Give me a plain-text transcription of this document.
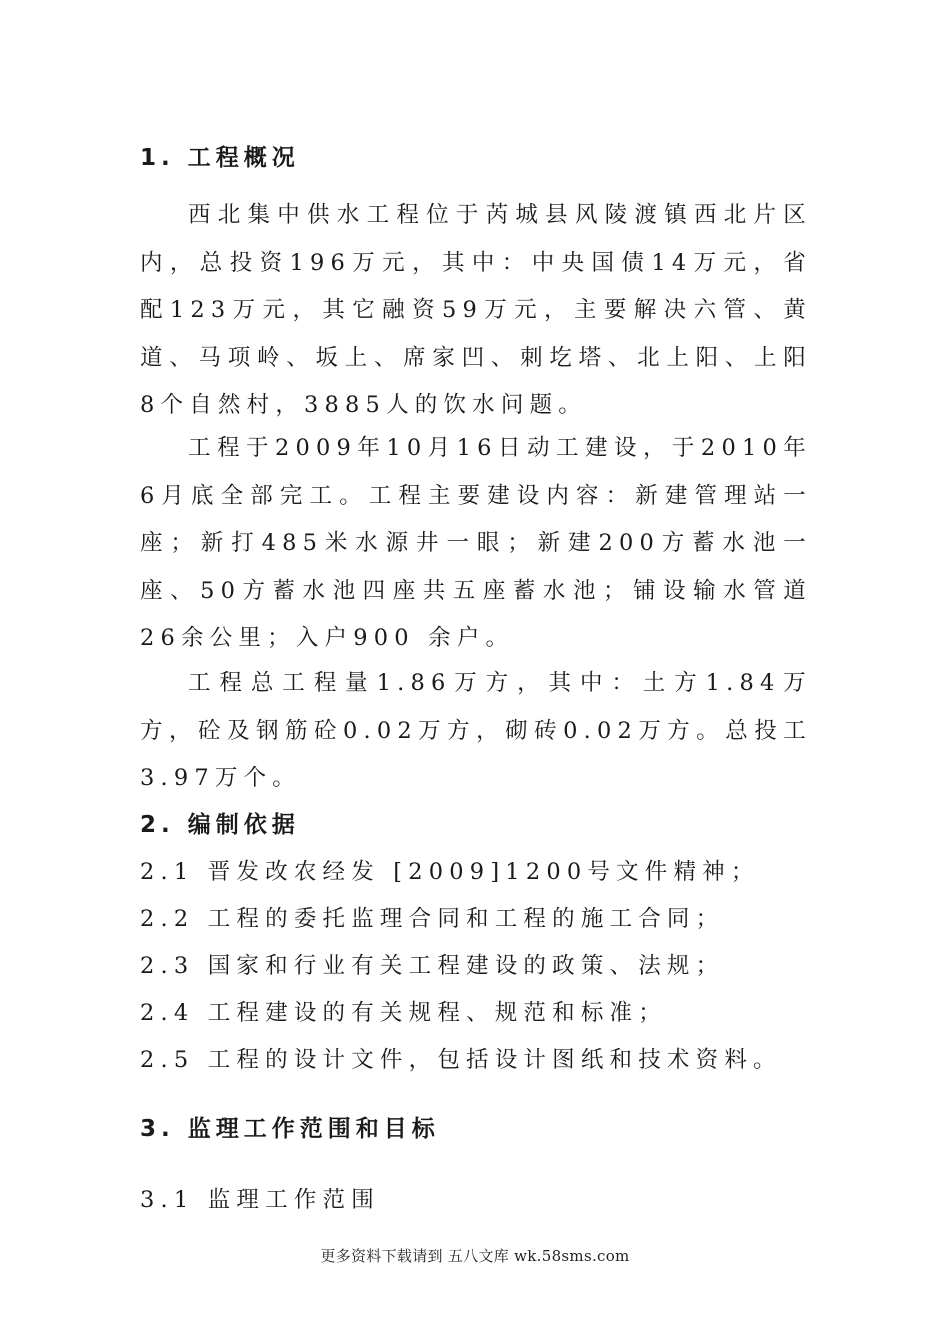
1. 工程概况

西北集中供水工程位于芮城县风陵渡镇西北片区内，总投资196万元，其中：中央国债14万元，省配123万元，其它融资59万元，主要解决六管、黄道、马项岭、坂上、席家凹、刺圪塔、北上阳、上阳8个自然村，3885人的饮水问题。

工程于2009年10月16日动工建设，于2010年6月底全部完工。工程主要建设内容：新建管理站一座；新打485米水源井一眼；新建200方蓄水池一座、50方蓄水池四座共五座蓄水池；铺设输水管道26余公里；入户900 余户。

工程总工程量1.86万方，其中：土方1.84万方，砼及钢筋砼0.02万方，砌砖0.02万方。总投工3.97万个。

2. 编制依据
2.1 晋发改农经发 [2009]1200号文件精神；
2.2 工程的委托监理合同和工程的施工合同；
2.3 国家和行业有关工程建设的政策、法规；
2.4 工程建设的有关规程、规范和标准；
2.5 工程的设计文件，包括设计图纸和技术资料。
3. 监理工作范围和目标
3.1 监理工作范围
更多资料下载请到 五八文库 wk.58sms.com
